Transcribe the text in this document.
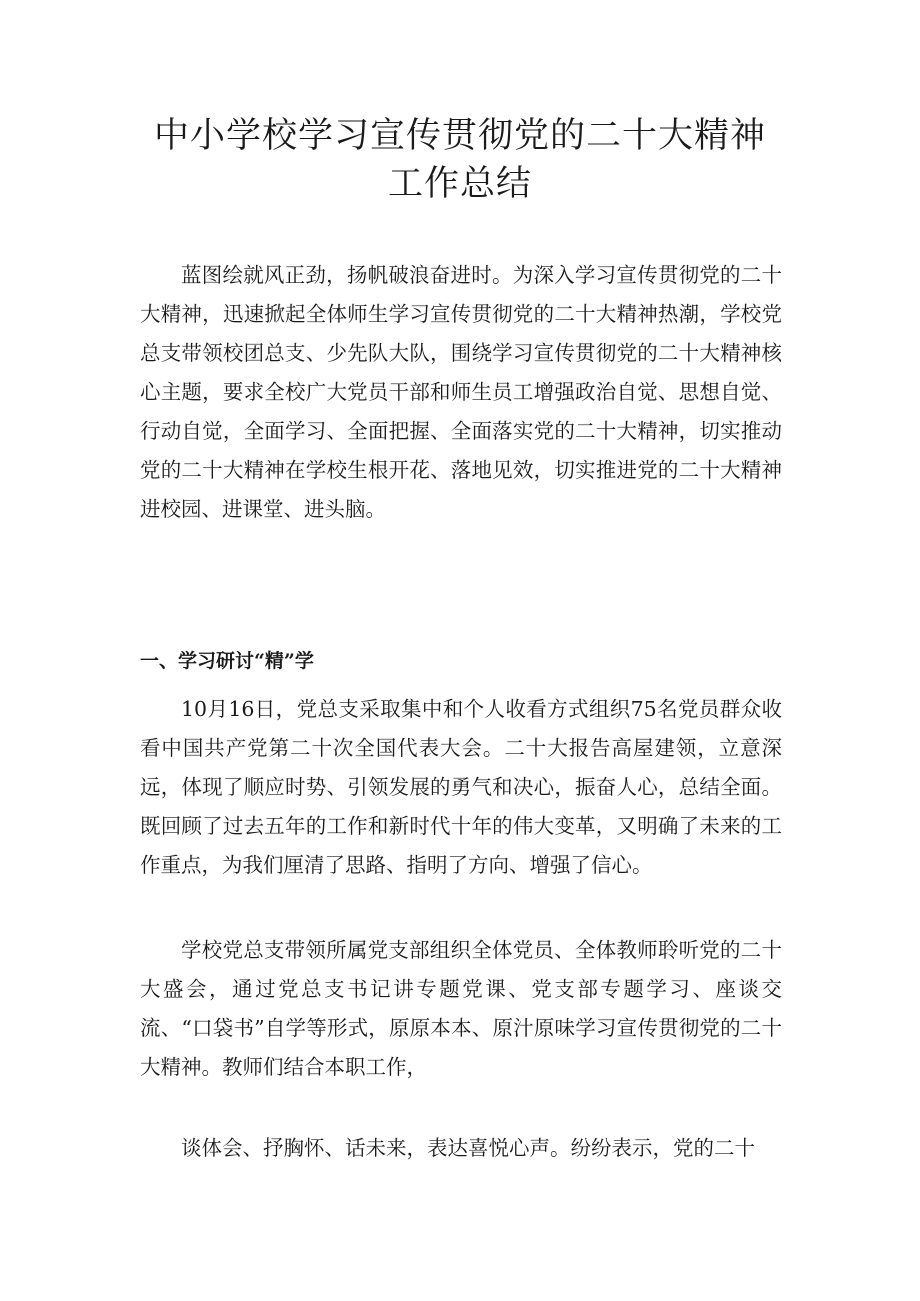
中小学校学习宣传贯彻党的二十大精神工作总结

蓝图绘就风正劲，扬帆破浪奋进时。为深入学习宣传贯彻党的二十大精神，迅速掀起全体师生学习宣传贯彻党的二十大精神热潮，学校党总支带领校团总支、少先队大队，围绕学习宣传贯彻党的二十大精神核心主题，要求全校广大党员干部和师生员工增强政治自觉、思想自觉、行动自觉，全面学习、全面把握、全面落实党的二十大精神，切实推动党的二十大精神在学校生根开花、落地见效，切实推进党的二十大精神进校园、进课堂、进头脑。

一、学习研讨“精”学

10月16日，党总支采取集中和个人收看方式组织75名党员群众收看中国共产党第二十次全国代表大会。二十大报告高屋建领，立意深远，体现了顺应时势、引领发展的勇气和决心，振奋人心，总结全面。既回顾了过去五年的工作和新时代十年的伟大变革，又明确了未来的工作重点，为我们厘清了思路、指明了方向、增强了信心。

学校党总支带领所属党支部组织全体党员、全体教师聆听党的二十大盛会，通过党总支书记讲专题党课、党支部专题学习、座谈交流、“口袋书”自学等形式，原原本本、原汁原味学习宣传贯彻党的二十大精神。教师们结合本职工作，

谈体会、抒胸怀、话未来，表达喜悦心声。纷纷表示，党的二十
